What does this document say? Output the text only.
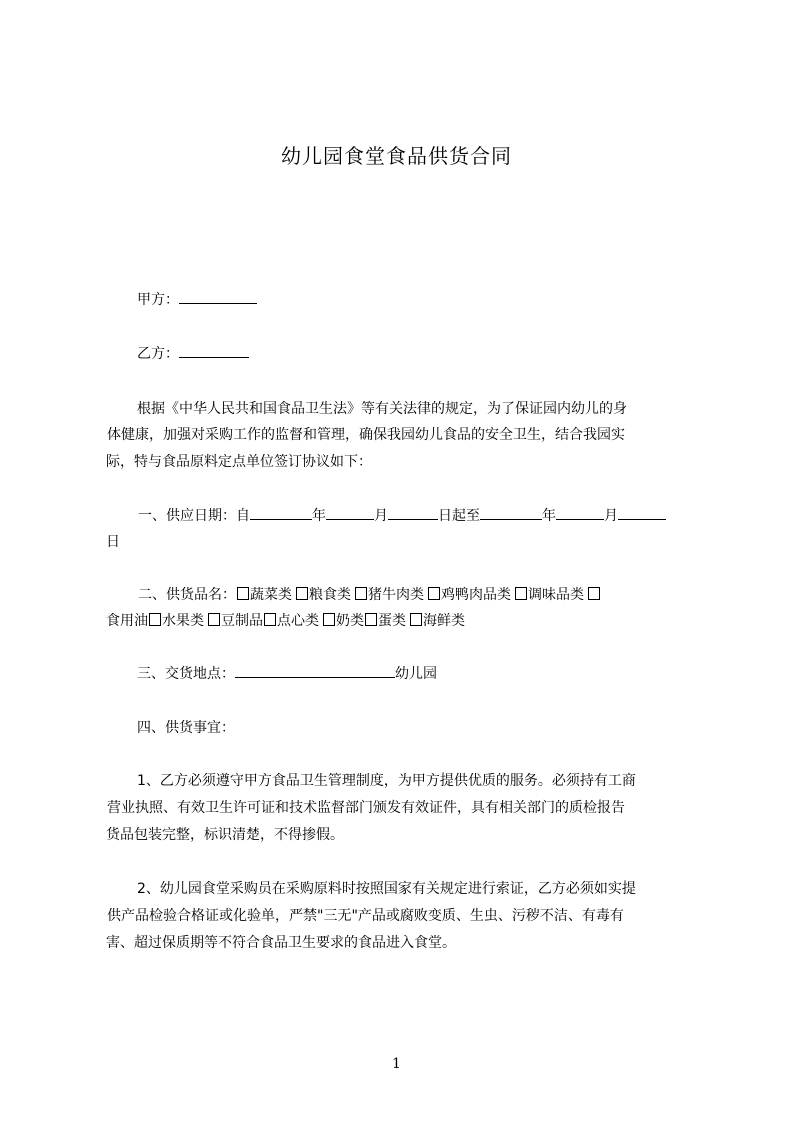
幼儿园食堂食品供货合同
甲方：
乙方：
根据《中华人民共和国食品卫生法》等有关法律的规定，为了保证园内幼儿的身
体健康，加强对采购工作的监督和管理，确保我园幼儿食品的安全卫生，结合我园实
际，特与食品原料定点单位签订协议如下：
一、供应日期：自	年	月	日起至	年	月
日
二、供货品名： 蔬菜类 粮食类 猪牛肉类 鸡鸭肉品类 调味品类
食用油 水果类 豆制品 点心类 奶类 蛋类 海鲜类
三、交货地点：	幼儿园
四、供货事宜：
1、乙方必须遵守甲方食品卫生管理制度，为甲方提供优质的服务。必须持有工商
营业执照、有效卫生许可证和技术监督部门颁发有效证件，具有相关部门的质检报告
货品包装完整，标识清楚，不得掺假。
2、幼儿园食堂采购员在采购原料时按照国家有关规定进行索证，乙方必须如实提
供产品检验合格证或化验单，严禁"三无"产品或腐败变质、生虫、污秽不洁、有毒有
害、超过保质期等不符合食品卫生要求的食品进入食堂。
1
